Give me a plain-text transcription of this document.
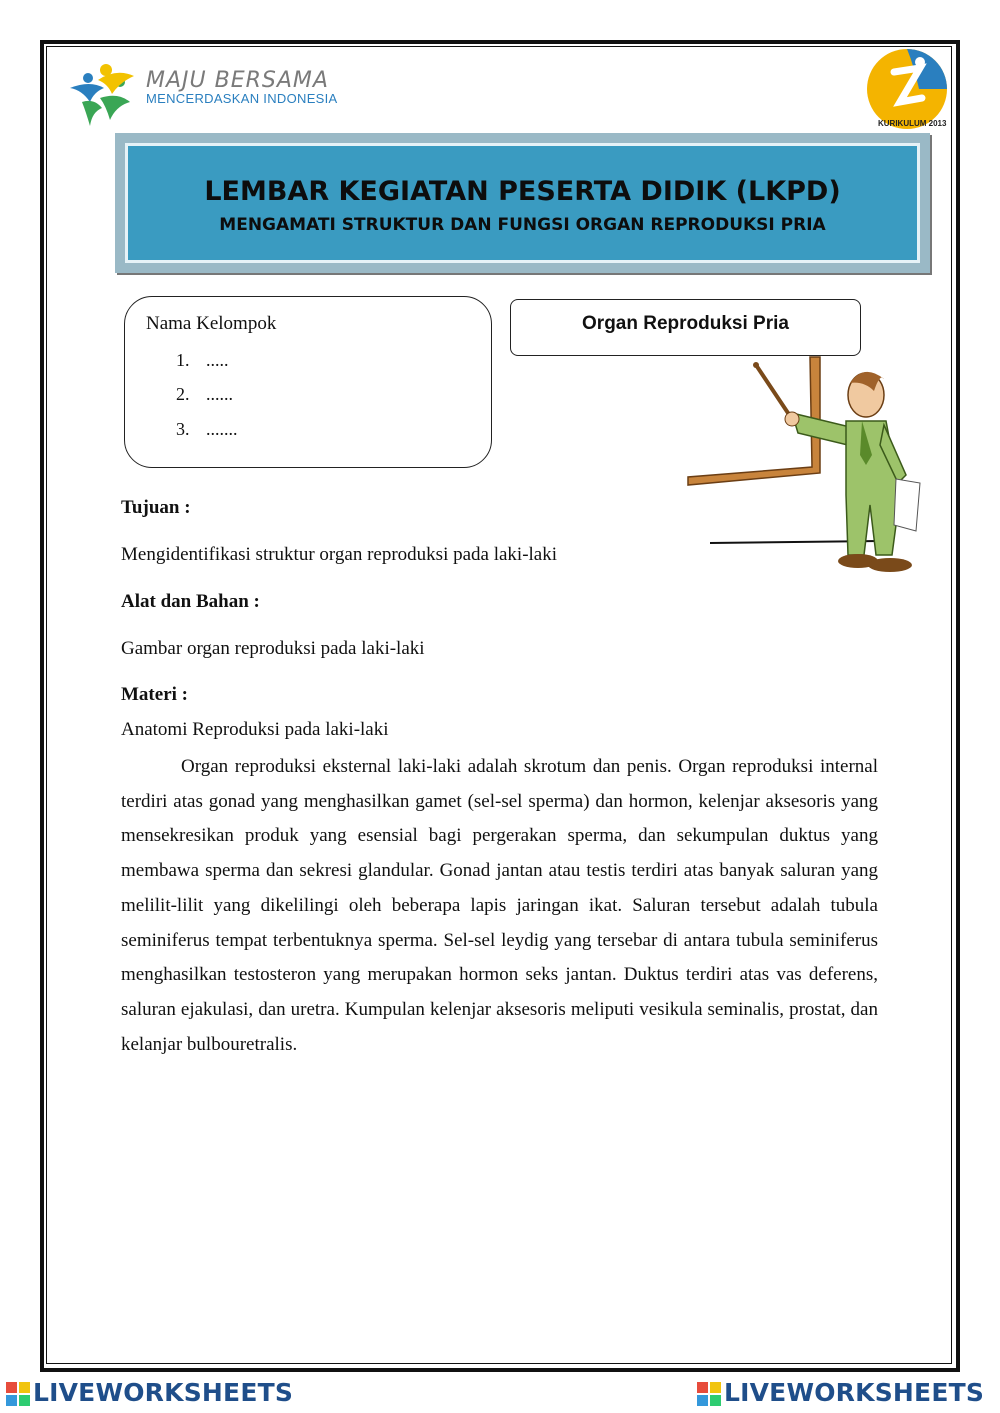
MAJU BERSAMA
MENCERDASKAN INDONESIA
KURIKULUM 2013
LEMBAR KEGIATAN PESERTA DIDIK (LKPD)
MENGAMATI STRUKTUR DAN FUNGSI ORGAN REPRODUKSI PRIA
Nama Kelompok
1. .....
2. ......
3. .......
Organ Reproduksi Pria
Tujuan :
Mengidentifikasi struktur organ reproduksi pada laki-laki
Alat dan Bahan :
Gambar organ reproduksi pada laki-laki
Materi :
Anatomi Reproduksi pada laki-laki
Organ reproduksi eksternal laki-laki adalah skrotum dan penis. Organ reproduksi internal terdiri atas gonad yang menghasilkan gamet (sel-sel sperma) dan hormon, kelenjar aksesoris yang mensekresikan produk yang esensial bagi pergerakan sperma, dan sekumpulan duktus yang membawa sperma dan sekresi glandular. Gonad jantan atau testis terdiri atas banyak saluran yang melilit-lilit yang dikelilingi oleh beberapa lapis jaringan ikat. Saluran tersebut adalah tubula seminiferus tempat terbentuknya sperma. Sel-sel leydig yang tersebar di antara tubula seminiferus menghasilkan testosteron yang merupakan hormon seks jantan. Duktus terdiri atas vas deferens, saluran ejakulasi, dan uretra. Kumpulan kelenjar aksesoris meliputi vesikula seminalis, prostat, dan kelanjar bulbouretralis.
LIVEWORKSHEETS	LIVEWORKSHEETS
